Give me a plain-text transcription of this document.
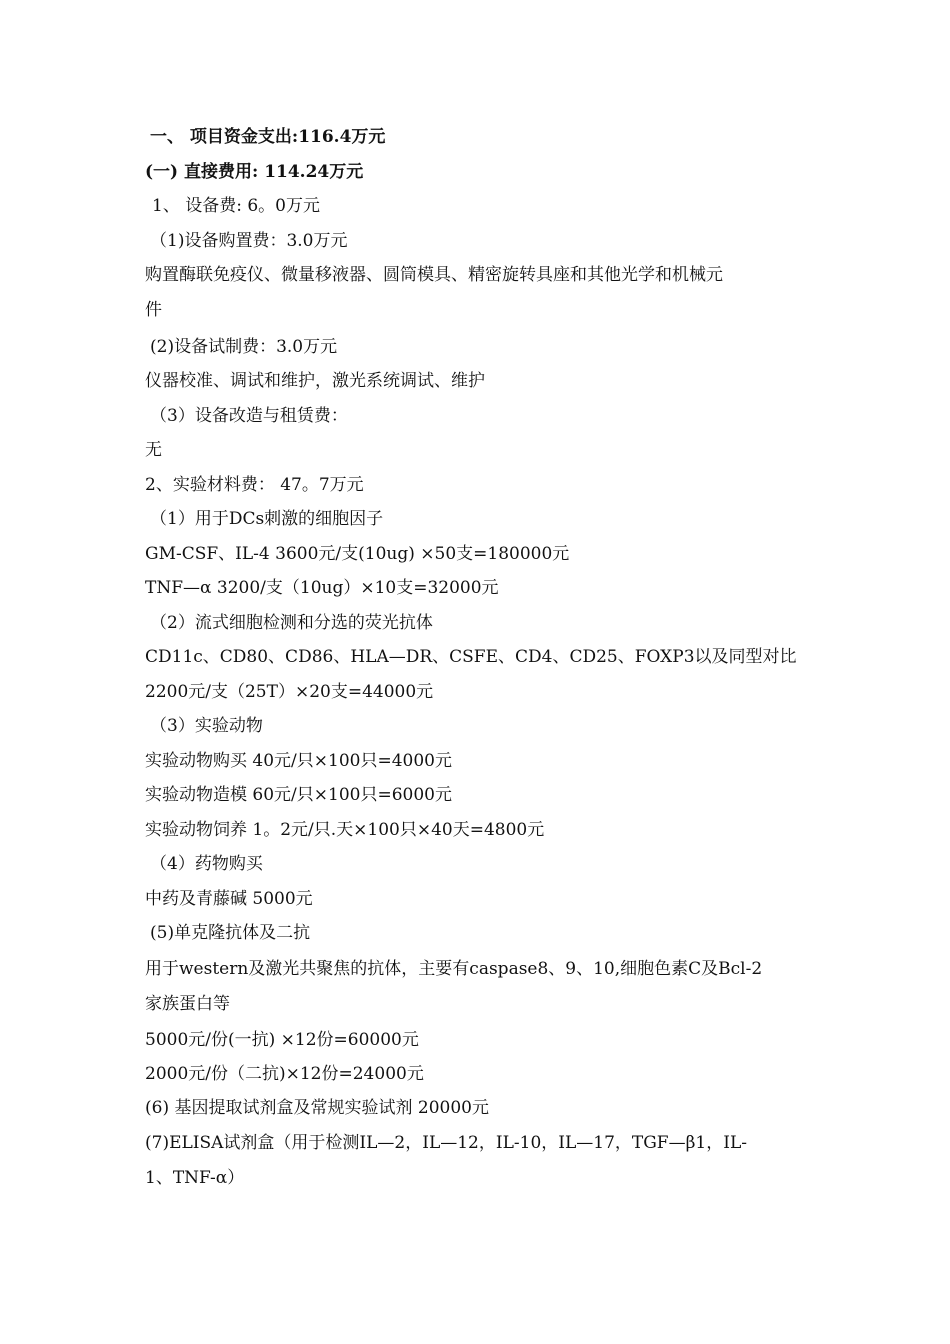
一、 项目资金支出:116.4万元
(一) 直接费用: 114.24万元
1、 设备费: 6。0万元
（1)设备购置费：3.0万元
购置酶联免疫仪、微量移液器、圆筒模具、精密旋转具座和其他光学和机械元
件
(2)设备试制费：3.0万元
仪器校准、调试和维护，激光系统调试、维护
（3）设备改造与租赁费：
无
2、实验材料费： 47。7万元
（1）用于DCs刺激的细胞因子
GM-CSF、IL-4 3600元/支(10ug) ×50支=180000元
TNF—α 3200/支（10ug）×10支=32000元
（2）流式细胞检测和分选的荧光抗体
CD11c、CD80、CD86、HLA—DR、CSFE、CD4、CD25、FOXP3以及同型对比
2200元/支（25T）×20支=44000元
（3）实验动物
实验动物购买 40元/只×100只=4000元
实验动物造模 60元/只×100只=6000元
实验动物饲养 1。2元/只.天×100只×40天=4800元
（4）药物购买
中药及青藤碱 5000元
(5)单克隆抗体及二抗
用于western及激光共聚焦的抗体，主要有caspase8、9、10,细胞色素C及Bcl-2
家族蛋白等
5000元/份(一抗) ×12份=60000元
2000元/份（二抗)×12份=24000元
(6) 基因提取试剂盒及常规实验试剂 20000元
(7)ELISA试剂盒（用于检测IL—2，IL—12，IL-10，IL—17，TGF—β1，IL-
1、TNF-α）
